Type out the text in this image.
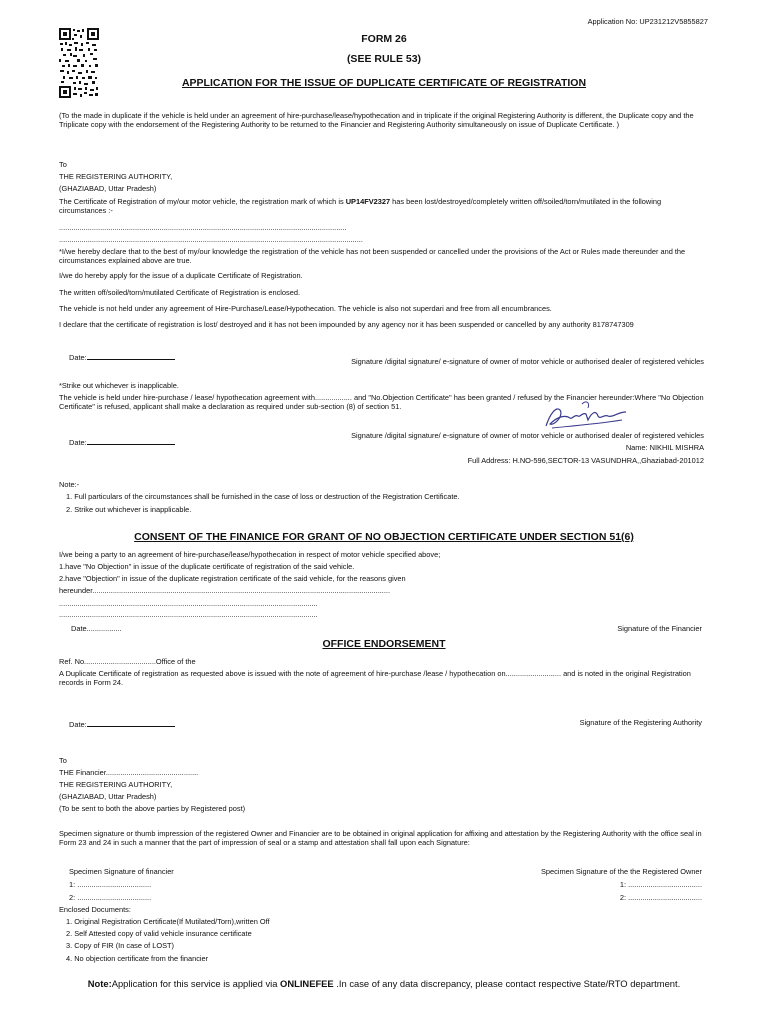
Application No: UP231212V5855827
FORM 26
(SEE RULE 53)
APPLICATION FOR THE ISSUE OF DUPLICATE CERTIFICATE OF REGISTRATION
(To the made in duplicate if the vehicle is held under an agreement of hire-purchase/lease/hypothecation and in triplicate if the original Registering Authority is different, the Duplicate copy and the Triplicate copy with the endorsement of the Registering Authority to be returned to the Financier and Registering Authority simultaneously on issue of Duplicate Certificate. )
To
THE REGISTERING AUTHORITY,
(GHAZIABAD, Uttar Pradesh)
The Certificate of Registration of my/our motor vehicle, the registration mark of which is UP14FV2327 has been lost/destroyed/completely written off/soiled/torn/mutilated in the following circumstances :-
............................................................................................................................................
....................................................................................................................................................
*I/we hereby declare that to the best of my/our knowledge the registration of the vehicle has not been suspended or cancelled under the provisions of the Act or Rules made thereunder and the circumstances explained above are true.
I/we do hereby apply for the issue of a duplicate Certificate of Registration.
The written off/soiled/torn/mutilated Certificate of Registration is enclosed.
The vehicle is not held under any agreement of Hire-Purchase/Lease/Hypothecation. The vehicle is also not superdari and free from all encumbrances.
I declare that the certificate of registration is lost/ destroyed and it has not been impounded by any agency nor it has been suspended or cancelled by any authority 8178747309
Date:	Signature /digital signature/ e-signature of owner of motor vehicle or authorised dealer of registered vehicles
*Strike out whichever is inapplicable.
The vehicle is held under hire-purchase / lease/ hypothecation agreement with.................. and "No.Objection Certificate" has been granted / refused by the Financier hereunder:Where "No Objection Certificate" is refused, applicant shall make a declaration as required under sub-section (8) of section 51.
Date:
Signature /digital signature/ e-signature of owner of motor vehicle or authorised dealer of registered vehicles
Name: NIKHIL MISHRA
Full Address: H.NO-596,SECTOR-13 VASUNDHRA,,Ghaziabad-201012
Note:-
1. Full particulars of the circumstances shall be furnished in the case of loss or destruction of the Registration Certificate.
2. Strike out whichever is inapplicable.
CONSENT OF THE FINANICE FOR GRANT OF NO OBJECTION CERTIFICATE UNDER SECTION 51(6)
I/we being a party to an agreement of hire-purchase/lease/hypothecation in respect of motor vehicle specified above;
1.have "No Objection" in issue of the duplicate certificate of registration of the said vehicle.
2.have "Objection" in issue of the duplicate registration certificate of the said vehicle, for the reasons given
hereunder.................................................................................................................................................
..............................................................................................................................
..............................................................................................................................
Date.................	Signature of the Financier
OFFICE ENDORSEMENT
Ref. No...................................Office of the
A Duplicate Certificate of registration as requested above is issued with the note of agreement of hire-purchase /lease / hypothecation on........................... and is noted in the original Registration records in Form 24.
Date:	Signature of the Registering Authority
To
THE Financier.............................................
THE REGISTERING AUTHORITY,
(GHAZIABAD, Uttar Pradesh)
(To be sent to both the above parties by Registered post)
Specimen signature or thumb impression of the registered Owner and Financier are to be obtained in original application for affixing and attestation by the Registering Authority with the office seal in Form 23 and 24 in such a manner that the part of impression of seal or a stamp and attestation shall fall upon each Signature:
Specimen Signature of financier	Specimen Signature of the the Registered Owner
1: ....................................	1: ....................................
2: ....................................	2: ....................................
Enclosed Documents:
1. Original Registration Certificate(If Mutilated/Torn),written Off
2. Self Attested copy of valid vehicle insurance certificate
3. Copy of FIR (In case of LOST)
4. No objection certificate from the financier
Note:Application for this service is applied via ONLINEFEE .In case of any data discrepancy, please contact respective State/RTO department.
